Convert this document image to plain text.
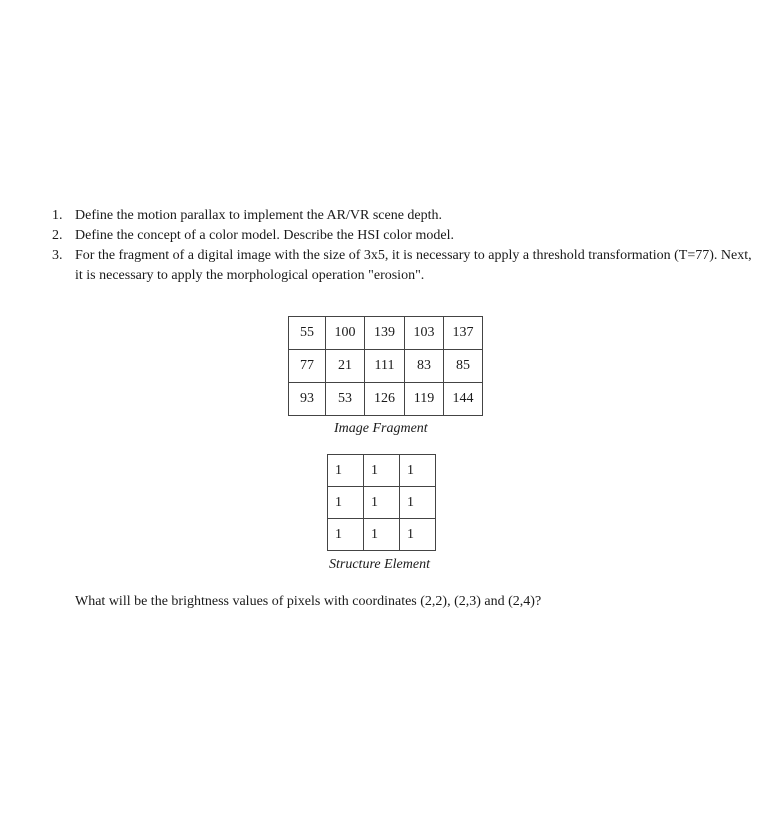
1. Define the motion parallax to implement the AR/VR scene depth.
2. Define the concept of a color model. Describe the HSI color model.
3. For the fragment of a digital image with the size of 3x5, it is necessary to apply a threshold transformation (T=77). Next, it is necessary to apply the morphological operation "erosion".
55	100	139	103	137
77	21	111	83	85
93	53	126	119	144
Image Fragment
1	1	1
1	1	1
1	1	1
Structure Element
What will be the brightness values of pixels with coordinates (2,2), (2,3) and (2,4)?
